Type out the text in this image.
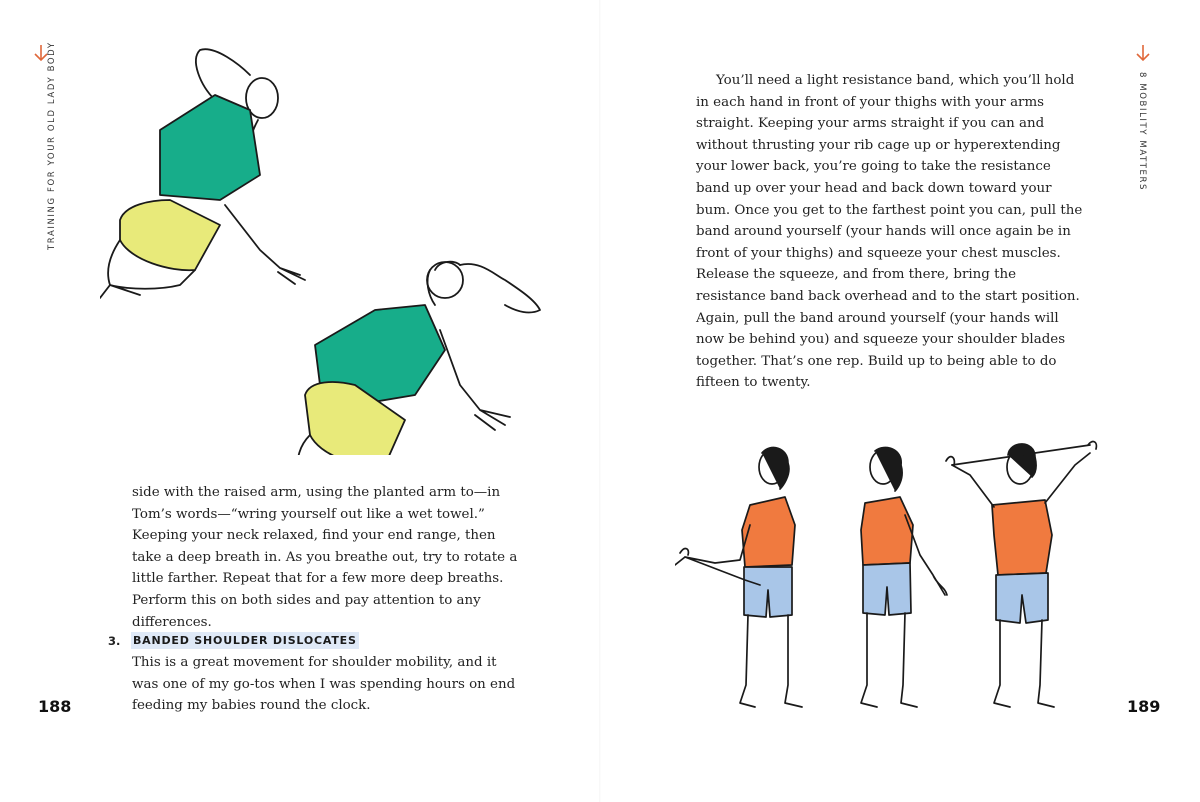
TRAINING FOR YOUR OLD LADY BODY
side with the raised arm, using the planted arm to—in Tom’s words—“wring yourself out like a wet towel.” Keeping your neck relaxed, find your end range, then take a deep breath in. As you breathe out, try to rotate a little farther. Repeat that for a few more deep breaths. Perform this on both sides and pay attention to any differences.
3. BANDED SHOULDER DISLOCATES
This is a great movement for shoulder mobility, and it was one of my go-tos when I was spending hours on end feeding my babies round the clock.
188
8 MOBILITY MATTERS
You’ll need a light resistance band, which you’ll hold in each hand in front of your thighs with your arms straight. Keeping your arms straight if you can and without thrusting your rib cage up or hyperextending your lower back, you’re going to take the resistance band up over your head and back down toward your bum. Once you get to the farthest point you can, pull the band around yourself (your hands will once again be in front of your thighs) and squeeze your chest muscles. Release the squeeze, and from there, bring the resistance band back overhead and to the start position. Again, pull the band around yourself (your hands will now be behind you) and squeeze your shoulder blades together. That’s one rep. Build up to being able to do fifteen to twenty.
189
